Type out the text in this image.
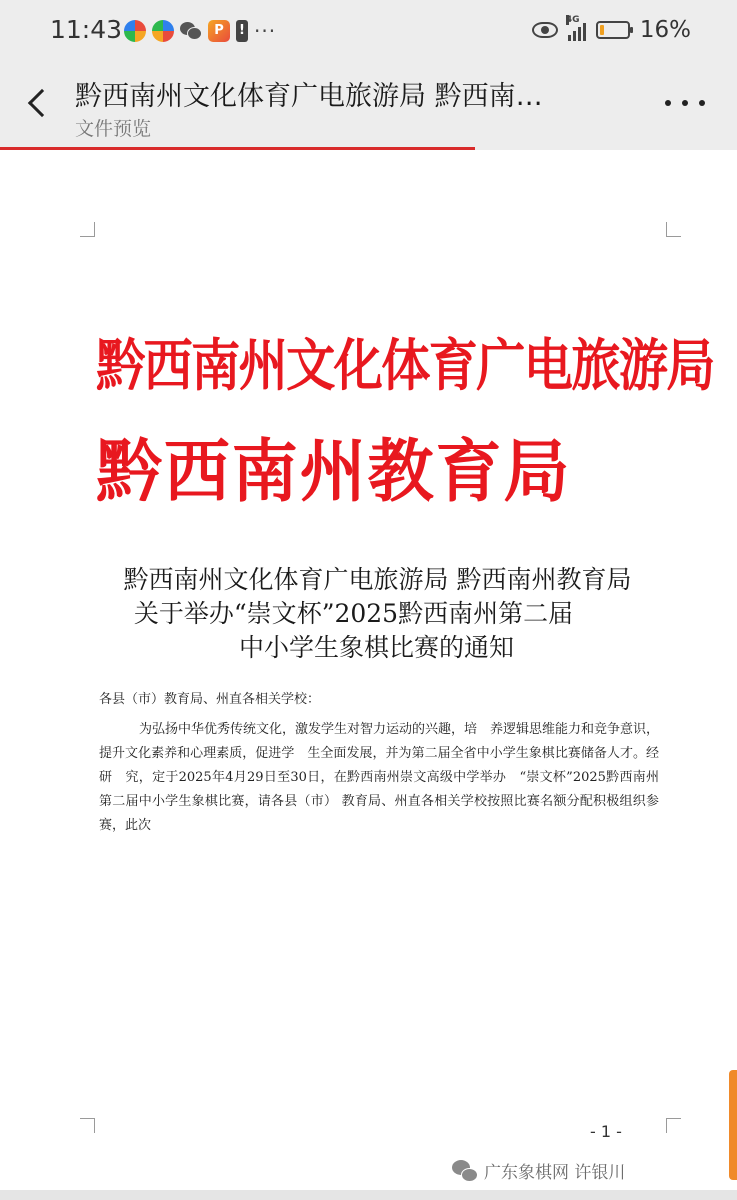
11:43	P	! ···	4G	16%
黔西南州文化体育广电旅游局 黔西南…
文件预览
黔西南州文化体育广电旅游局
黔西南州教育局
黔西南州文化体育广电旅游局 黔西南州教育局
关于举办“崇文杯”2025黔西南州第二届
中小学生象棋比赛的通知
各县（市）教育局、州直各相关学校：
为弘扬中华优秀传统文化，激发学生对智力运动的兴趣，培　养逻辑思维能力和竞争意识，提升文化素养和心理素质，促进学　生全面发展，并为第二届全省中小学生象棋比赛储备人才。经研　究，定于2025年4月29日至30日，在黔西南州崇文高级中学举办　“崇文杯”2025黔西南州第二届中小学生象棋比赛，请各县（市） 教育局、州直各相关学校按照比赛名额分配积极组织参赛，此次
- 1 -
广东象棋网 许银川
